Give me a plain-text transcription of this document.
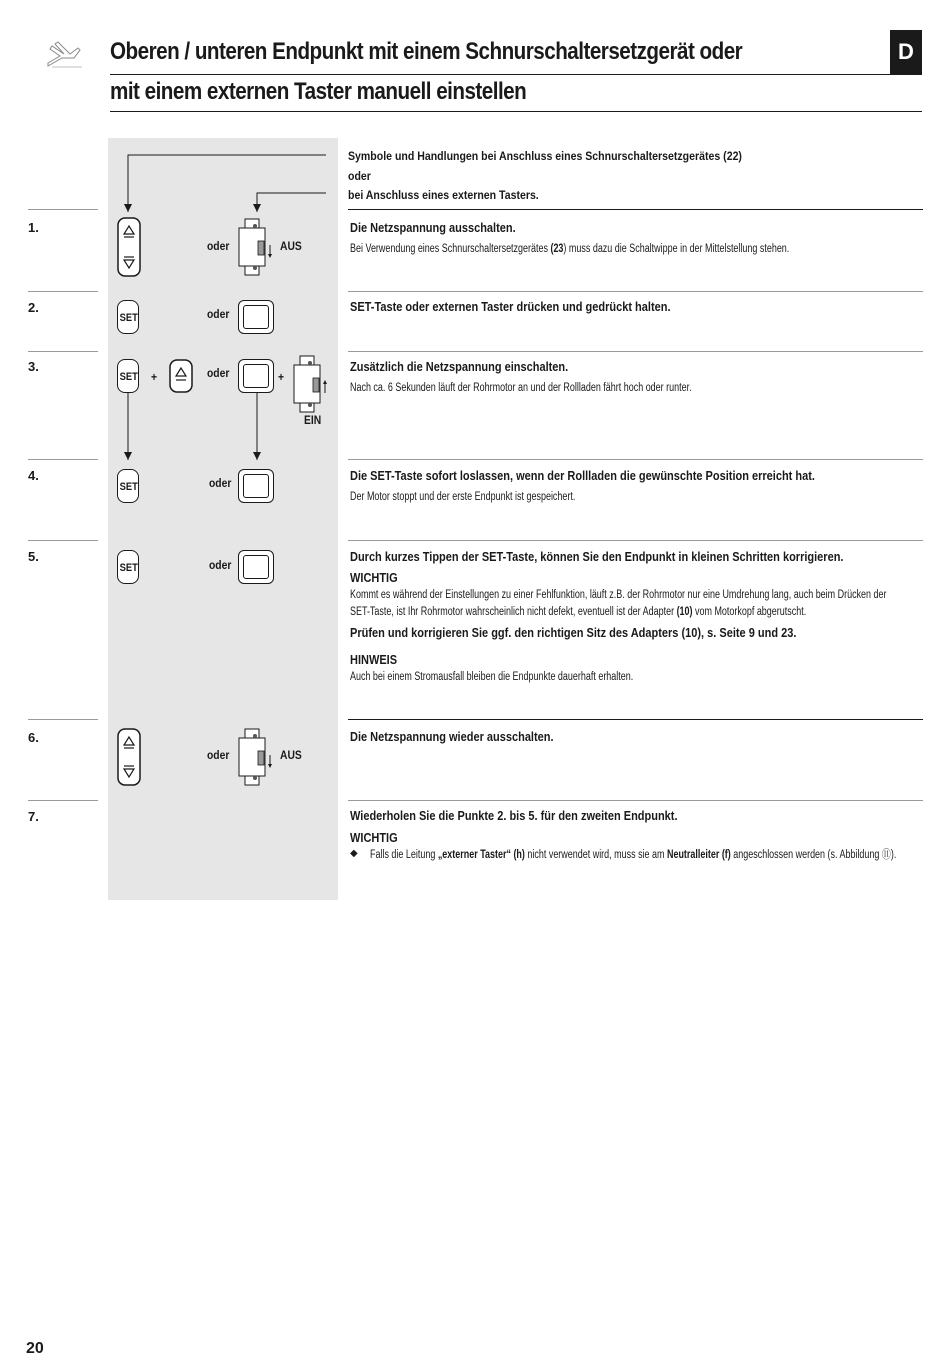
Oberen / unteren Endpunkt mit einem Schnurschaltersetzgerät oder
mit einem externen Taster manuell einstellen
D
Symbole und Handlungen bei Anschluss eines Schnurschaltersetzgerätes (22)
oder
bei Anschluss eines externen Tasters.
1.
oder	AUS
Die Netzspannung ausschalten.
Bei Verwendung eines Schnurschaltersetzgerätes (23) muss dazu die Schaltwippe in der Mittelstellung stehen.
2.
SET	oder	SET-Taste oder externen Taster drücken und gedrückt halten.
3.
SET +	oder	+
EIN
Zusätzlich die Netzspannung einschalten.
Nach ca. 6 Sekunden läuft der Rohrmotor an und der Rollladen fährt hoch oder runter.
4.
SET	oder	Die SET-Taste sofort loslassen, wenn der Rollladen die gewünschte Position erreicht hat.
Der Motor stoppt und der erste Endpunkt ist gespeichert.
5.
SET	oder
Durch kurzes Tippen der SET-Taste, können Sie den Endpunkt in kleinen Schritten korrigieren.
WICHTIG
Kommt es während der Einstellungen zu einer Fehlfunktion, läuft z.B. der Rohrmotor nur eine Umdrehung lang, auch beim Drücken der
SET-Taste, ist Ihr Rohrmotor wahrscheinlich nicht defekt, eventuell ist der Adapter (10) vom Motorkopf abgerutscht.
Prüfen und korrigieren Sie ggf. den richtigen Sitz des Adapters (10), s. Seite 9 und 23.
HINWEIS
Auch bei einem Stromausfall bleiben die Endpunkte dauerhaft erhalten.
6.
oder	AUS
Die Netzspannung wieder ausschalten.
7.	Wiederholen Sie die Punkte 2. bis 5. für den zweiten Endpunkt.
WICHTIG
◆ Falls die Leitung „externer Taster“ (h) nicht verwendet wird, muss sie am Neutralleiter (f) angeschlossen werden (s. Abbildung ⑪).
20
